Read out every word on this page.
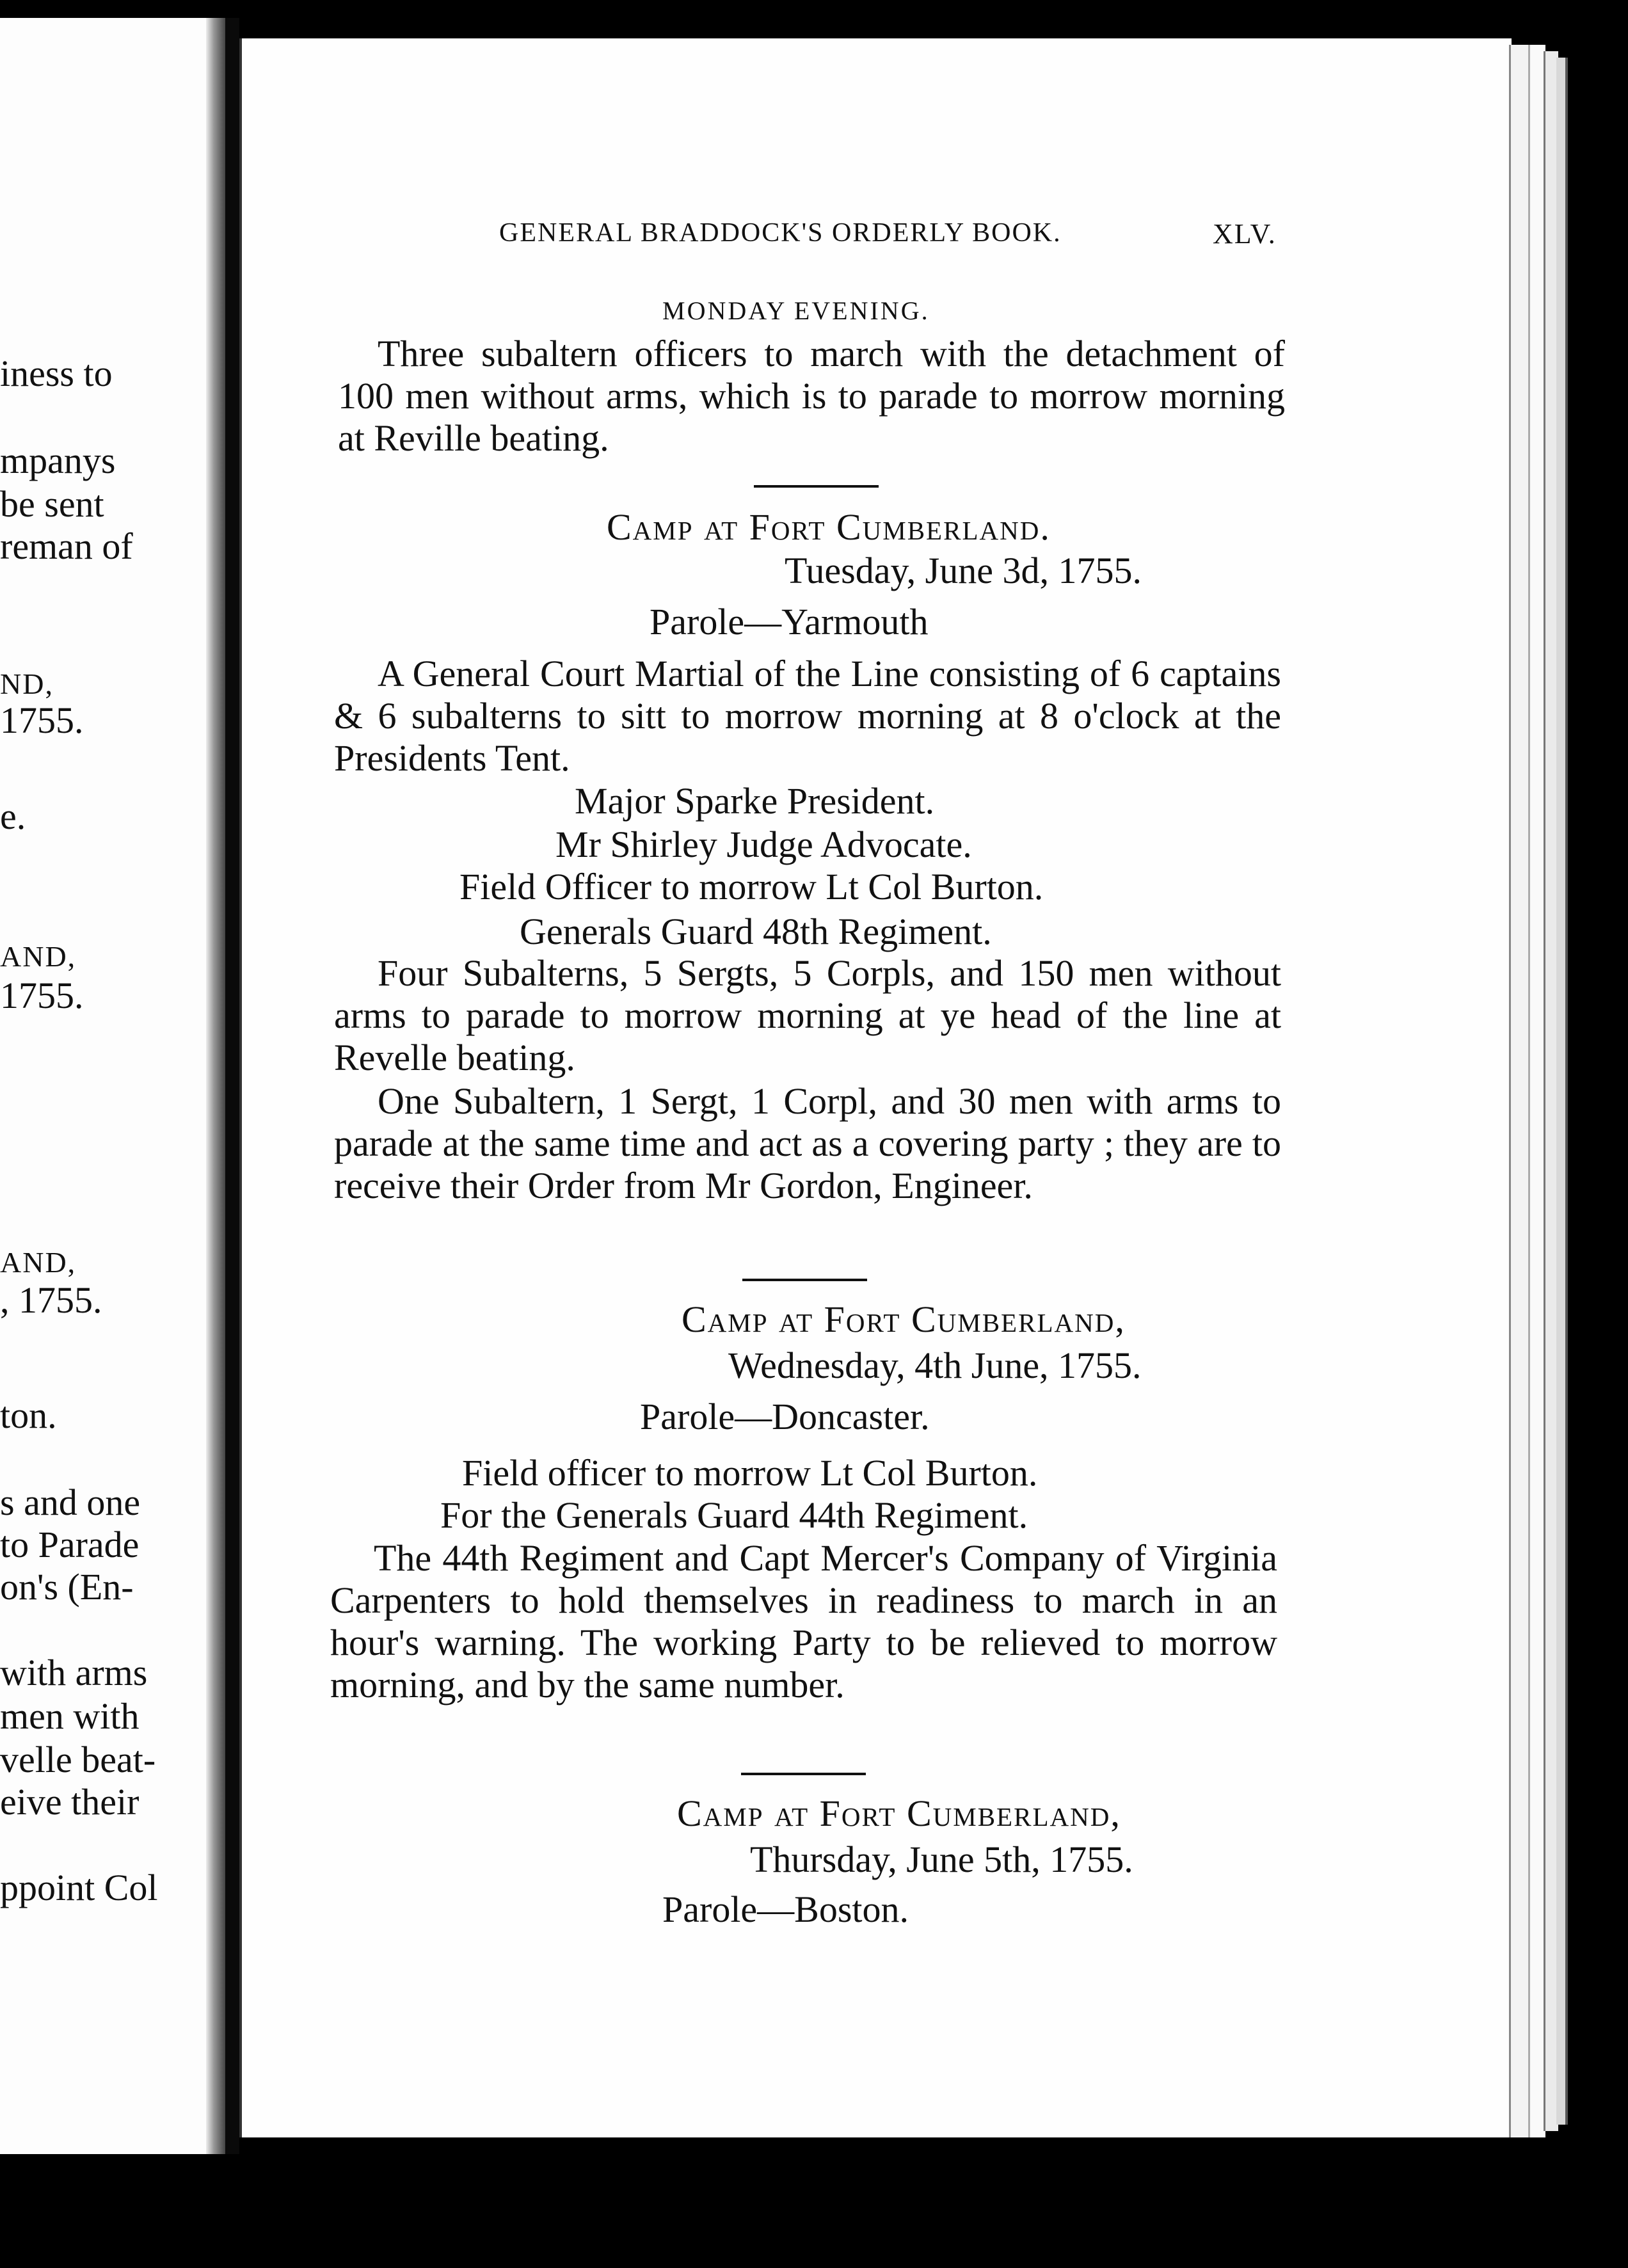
iness to
mpanys
be sent
reman of
ND,
1755.
e.
AND,
1755.
AND,
, 1755.
ton.
s and one
to Parade
on's (En-
with arms
men with
velle beat-
eive their
ppoint Col
GENERAL BRADDOCK'S ORDERLY BOOK.	XLV.
MONDAY EVENING.
Three subaltern officers to march with the detachment of 100 men without arms, which is to parade to morrow morning at Reville beating.
Camp at Fort Cumberland.
Tuesday, June 3d, 1755.
Parole—Yarmouth
A General Court Martial of the Line consisting of 6 captains & 6 subalterns to sitt to morrow morning at 8 o'clock at the Presidents Tent.
Major Sparke President.
Mr Shirley Judge Advocate.
Field Officer to morrow Lt Col Burton.
Generals Guard 48th Regiment.
Four Subalterns, 5 Sergts, 5 Corpls, and 150 men without arms to parade to morrow morning at ye head of the line at Revelle beating.
One Subaltern, 1 Sergt, 1 Corpl, and 30 men with arms to parade at the same time and act as a covering party ; they are to receive their Order from Mr Gordon, Engineer.
Camp at Fort Cumberland,
Wednesday, 4th June, 1755.
Parole—Doncaster.
Field officer to morrow Lt Col Burton.
For the Generals Guard 44th Regiment.
The 44th Regiment and Capt Mercer's Company of Virginia Carpenters to hold themselves in readiness to march in an hour's warning. The working Party to be relieved to morrow morning, and by the same number.
Camp at Fort Cumberland,
Thursday, June 5th, 1755.
Parole—Boston.
